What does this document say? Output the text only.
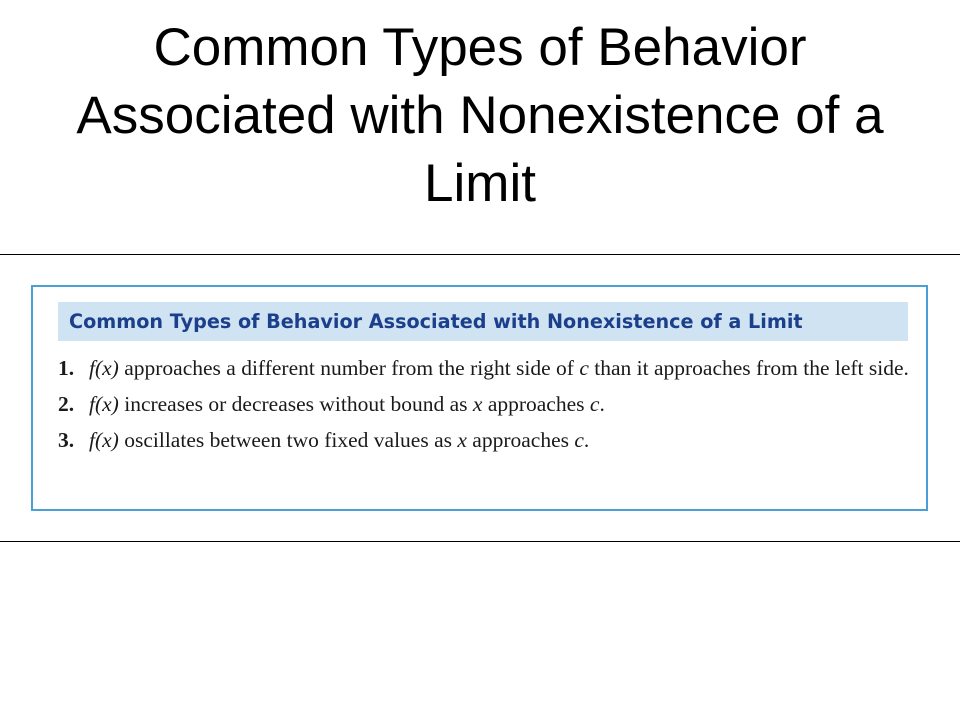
Common Types of Behavior
Associated with Nonexistence of a
Limit
Common Types of Behavior Associated with Nonexistence of a Limit
1. f(x) approaches a different number from the right side of c than it approaches from the left side.
2. f(x) increases or decreases without bound as x approaches c.
3. f(x) oscillates between two fixed values as x approaches c.
